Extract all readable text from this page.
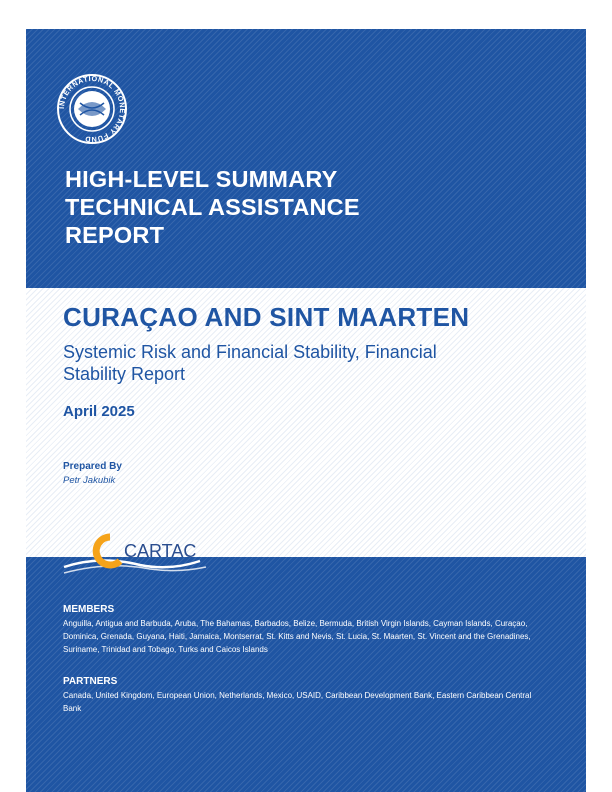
INTERNATIONAL MONETARY FUND
HIGH-LEVEL SUMMARY
TECHNICAL ASSISTANCE
REPORT
CURAÇAO AND SINT MAARTEN
Systemic Risk and Financial Stability, Financial
Stability Report
April 2025
Prepared By
Petr Jakubik
CARTAC
MEMBERS
Anguilla, Antigua and Barbuda, Aruba, The Bahamas, Barbados, Belize, Bermuda, British Virgin Islands, Cayman Islands, Curaçao, Dominica, Grenada, Guyana, Haiti, Jamaica, Montserrat, St. Kitts and Nevis, St. Lucia, St. Maarten, St. Vincent and the Grenadines, Suriname, Trinidad and Tobago, Turks and Caicos Islands
PARTNERS
Canada, United Kingdom, European Union, Netherlands, Mexico, USAID, Caribbean Development Bank, Eastern Caribbean Central Bank
